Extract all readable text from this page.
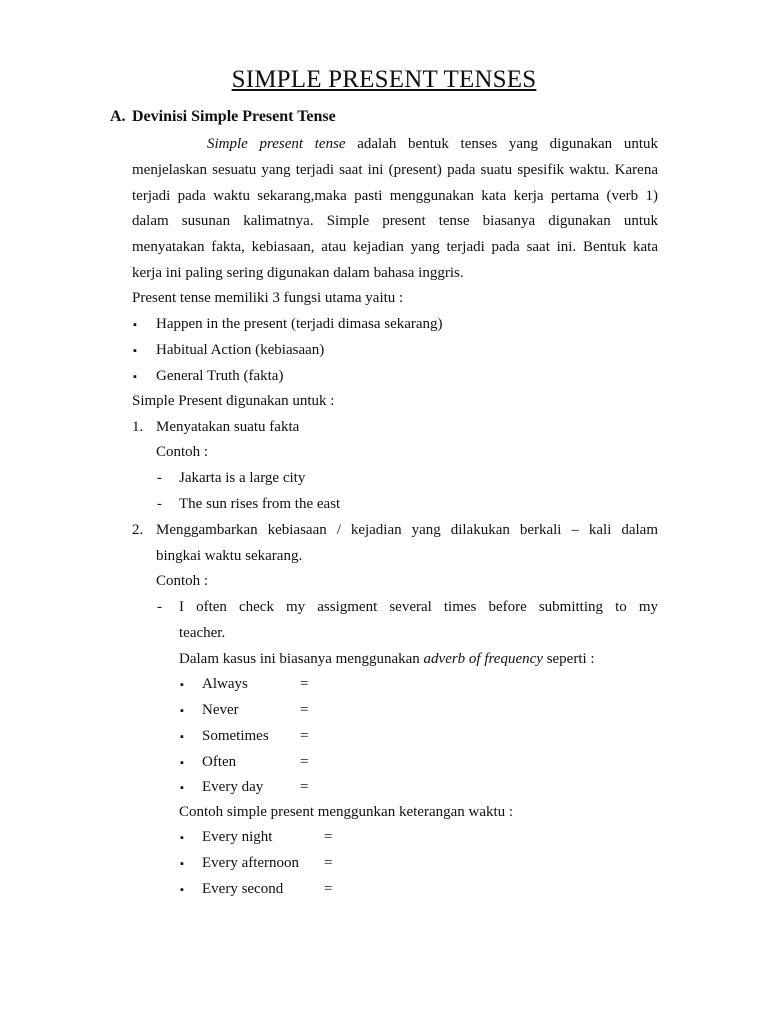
SIMPLE PRESENT TENSES
A. Devinisi Simple Present Tense
Simple present tense adalah bentuk tenses yang digunakan untuk menjelaskan sesuatu yang terjadi saat ini (present) pada suatu spesifik waktu. Karena terjadi pada waktu sekarang,maka pasti menggunakan kata kerja pertama (verb 1) dalam susunan kalimatnya. Simple present tense biasanya digunakan untuk menyatakan fakta, kebiasaan, atau kejadian yang terjadi pada saat ini. Bentuk kata kerja ini paling sering digunakan dalam bahasa inggris.
Present tense memiliki 3 fungsi utama yaitu :
▪ Happen in the present (terjadi dimasa sekarang)
▪ Habitual Action (kebiasaan)
▪ General Truth (fakta)
Simple Present digunakan untuk :
1. Menyatakan suatu fakta
Contoh :
- Jakarta is a large city
- The sun rises from the east
2. Menggambarkan kebiasaan / kejadian yang dilakukan berkali – kali dalam
bingkai waktu sekarang.
Contoh :
- I often check my assigment several times before submitting to my
teacher.
Dalam kasus ini biasanya menggunakan adverb of frequency seperti :
▪ Always	=
▪ Never	=
▪ Sometimes =
▪ Often	=
▪ Every day =
Contoh simple present menggunkan keterangan waktu :
▪ Every night	=
▪ Every afternoon =
▪ Every second	=
